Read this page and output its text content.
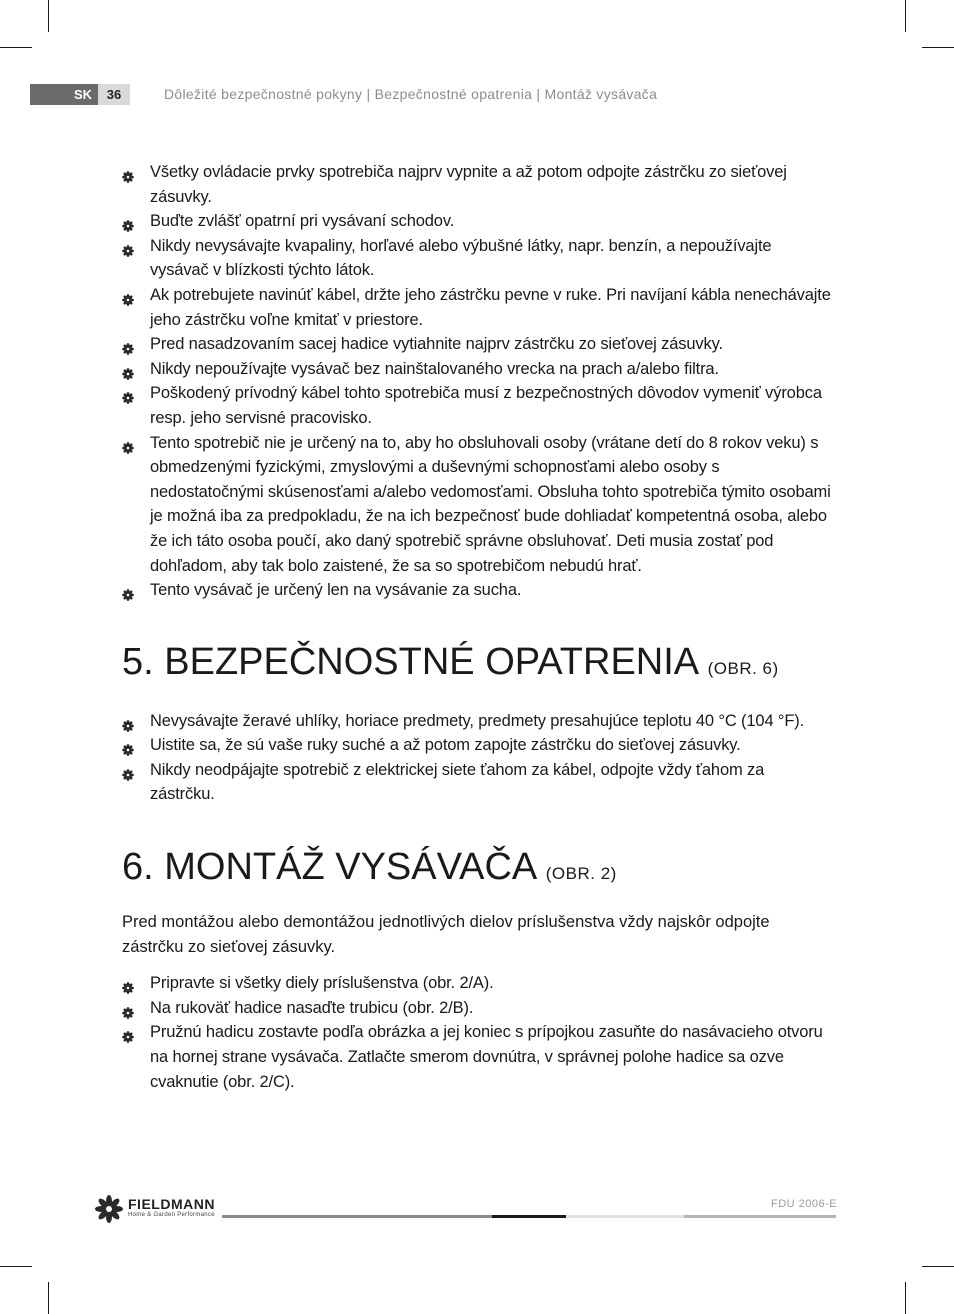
SK	36	Dôležité bezpečnostné pokyny | Bezpečnostné opatrenia | Montáž vysávača
Všetky ovládacie prvky spotrebiča najprv vypnite a až potom odpojte zástrčku zo sieťovej zásuvky.
Buďte zvlášť opatrní pri vysávaní schodov.
Nikdy nevysávajte kvapaliny, horľavé alebo výbušné látky, napr. benzín, a nepoužívajte vysávač v blízkosti týchto látok.
Ak potrebujete navinúť kábel, držte jeho zástrčku pevne v ruke. Pri navíjaní kábla nenechávajte jeho zástrčku voľne kmitať v priestore.
Pred nasadzovaním sacej hadice vytiahnite najprv zástrčku zo sieťovej zásuvky.
Nikdy nepoužívajte vysávač bez nainštalovaného vrecka na prach a/alebo filtra.
Poškodený prívodný kábel tohto spotrebiča musí z bezpečnostných dôvodov vymeniť výrobca resp. jeho servisné pracovisko.
Tento spotrebič nie je určený na to, aby ho obsluhovali osoby (vrátane detí do 8 rokov veku) s obmedzenými fyzickými, zmyslovými a duševnými schopnosťami alebo osoby s nedostatočnými skúsenosťami a/alebo vedomosťami. Obsluha tohto spotrebiča týmito osobami je možná iba za predpokladu, že na ich bezpečnosť bude dohliadať kompetentná osoba, alebo že ich táto osoba poučí, ako daný spotrebič správne obsluhovať. Deti musia zostať pod dohľadom, aby tak bolo zaistené, že sa so spotrebičom nebudú hrať.
Tento vysávač je určený len na vysávanie za sucha.
5. BEZPEČNOSTNÉ OPATRENIA (OBR. 6)
Nevysávajte žeravé uhlíky, horiace predmety, predmety presahujúce teplotu 40 °C (104 °F).
Uistite sa, že sú vaše ruky suché a až potom zapojte zástrčku do sieťovej zásuvky.
Nikdy neodpájajte spotrebič z elektrickej siete ťahom za kábel, odpojte vždy ťahom za zástrčku.
6. MONTÁŽ VYSÁVAČA (OBR. 2)

Pred montážou alebo demontážou jednotlivých dielov príslušenstva vždy najskôr odpojte zástrčku zo sieťovej zásuvky.

Pripravte si všetky diely príslušenstva (obr. 2/A).
Na rukoväť hadice nasaďte trubicu (obr. 2/B).
Pružnú hadicu zostavte podľa obrázka a jej koniec s prípojkou zasuňte do nasávacieho otvoru na hornej strane vysávača. Zatlačte smerom dovnútra, v správnej polohe hadice sa ozve cvaknutie (obr. 2/C).
FIELDMANN
Home & Garden Performance
FDU 2006-E
